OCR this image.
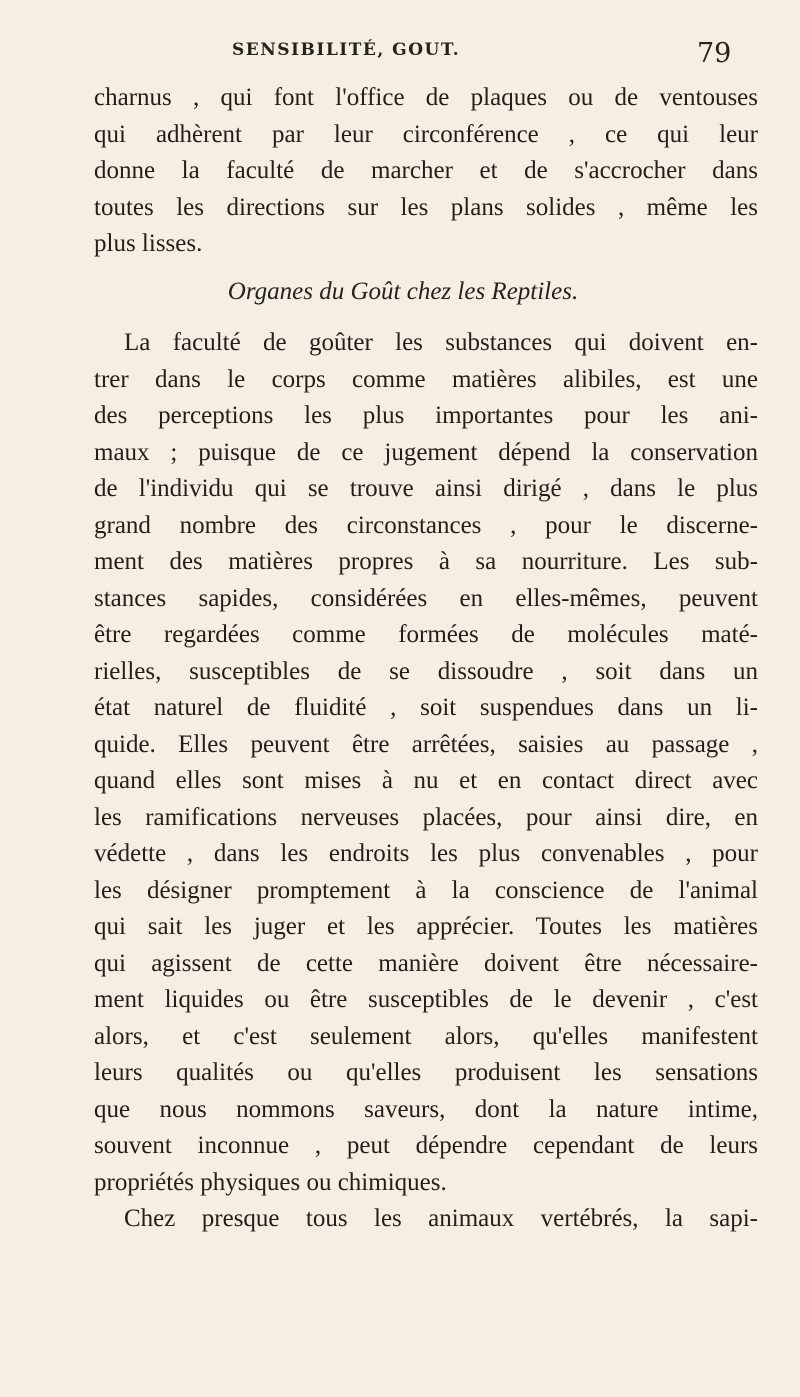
SENSIBILITÉ, GOUT.	79
charnus , qui font l'office de plaques ou de ventouses
qui adhèrent par leur circonférence , ce qui leur
donne la faculté de marcher et de s'accrocher dans
toutes les directions sur les plans solides , même les
plus lisses.
Organes du Goût chez les Reptiles.
La faculté de goûter les substances qui doivent en-
trer dans le corps comme matières alibiles, est une
des perceptions les plus importantes pour les ani-
maux ; puisque de ce jugement dépend la conservation
de l'individu qui se trouve ainsi dirigé , dans le plus
grand nombre des circonstances , pour le discerne-
ment des matières propres à sa nourriture. Les sub-
stances sapides, considérées en elles-mêmes, peuvent
être regardées comme formées de molécules maté-
rielles, susceptibles de se dissoudre , soit dans un
état naturel de fluidité , soit suspendues dans un li-
quide. Elles peuvent être arrêtées, saisies au passage ,
quand elles sont mises à nu et en contact direct avec
les ramifications nerveuses placées, pour ainsi dire, en
védette , dans les endroits les plus convenables , pour
les désigner promptement à la conscience de l'animal
qui sait les juger et les apprécier. Toutes les matières
qui agissent de cette manière doivent être nécessaire-
ment liquides ou être susceptibles de le devenir , c'est
alors, et c'est seulement alors, qu'elles manifestent
leurs qualités ou qu'elles produisent les sensations
que nous nommons saveurs, dont la nature intime,
souvent inconnue , peut dépendre cependant de leurs
propriétés physiques ou chimiques.
Chez presque tous les animaux vertébrés, la sapi-
